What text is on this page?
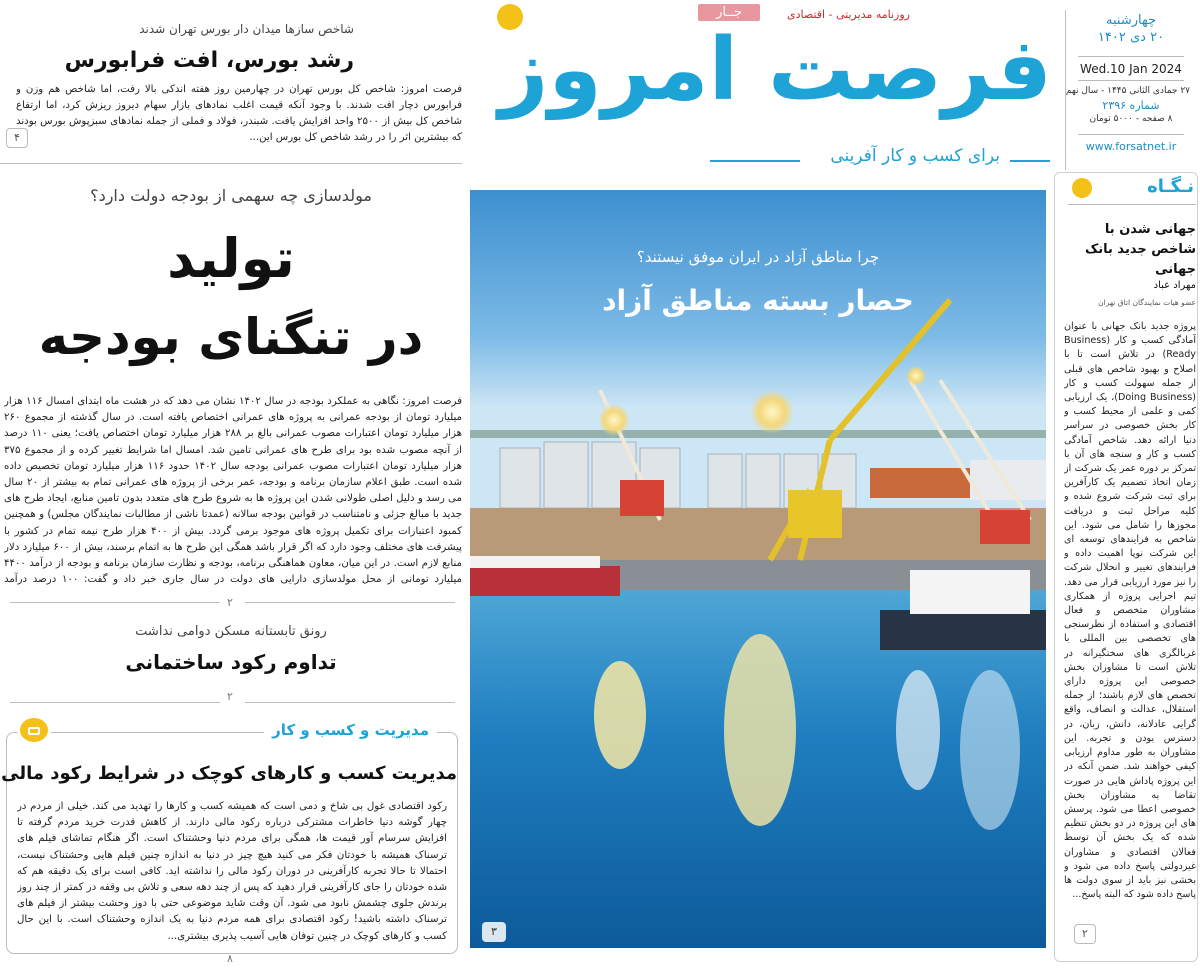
چهارشنبه
۲۰ دی ۱۴۰۲
Wed.10 Jan 2024
۲۷ جمادی الثانی ۱۴۴۵ - سال نهم
شماره ۲۳۹۶
۸ صفحه - ۵۰۰۰ تومان
www.forsatnet.ir
روزنامه مدیریتی - اقتصادی
جــار
فرصت امروز
برای کسب و کار آفرینی
شاخص سازها میدان دار بورس تهران شدند
رشد بورس، افت فرابورس
فرصت امروز: شاخص کل بورس تهران در چهارمین روز هفته اندکی بالا رفت، اما شاخص هم وزن و فرابورس دچار افت شدند. با وجود آنکه قیمت اغلب نمادهای بازار سهام دیروز ریزش کرد، اما ارتفاع شاخص کل بیش از ۲۵۰۰ واحد افزایش یافت. شبندر، فولاد و فملی از جمله نمادهای سبزپوش بورس بودند که بیشترین اثر را در رشد شاخص کل بورس این...
۴
مولدسازی چه سهمی از بودجه دولت دارد؟
تولید
در تنگنای بودجه
فرصت امروز: نگاهی به عملکرد بودجه در سال ۱۴۰۲ نشان می دهد که در هشت ماه ابتدای امسال ۱۱۶ هزار میلیارد تومان از بودجه عمرانی به پروژه های عمرانی اختصاص یافته است. در سال گذشته از مجموع ۲۶۰ هزار میلیارد تومان اعتبارات مصوب عمرانی بالغ بر ۲۸۸ هزار میلیارد تومان اختصاص یافت؛ یعنی ۱۱۰ درصد از آنچه مصوب شده بود برای طرح های عمرانی تامین شد. امسال اما شرایط تغییر کرده و از مجموع ۳۷۵ هزار میلیارد تومان اعتبارات مصوب عمرانی بودجه سال ۱۴۰۲ حدود ۱۱۶ هزار میلیارد تومان تخصیص داده شده است. طبق اعلام سازمان برنامه و بودجه، عمر برخی از پروژه های عمرانی تمام به بیشتر از ۲۰ سال می رسد و دلیل اصلی طولانی شدن این پروژه ها به شروع طرح های متعدد بدون تامین منابع، ایجاد طرح های جدید با مبالغ جزئی و نامتناسب در قوانین بودجه سالانه (عمدتا ناشی از مطالبات نمایندگان مجلس) و همچنین کمبود اعتبارات برای تکمیل پروژه های موجود برمی گردد. بیش از ۴۰۰ هزار طرح نیمه تمام در کشور با پیشرفت های مختلف وجود دارد که اگر قرار باشد همگی این طرح ها به اتمام برسند، بیش از ۶۰۰ میلیارد دلار منابع لازم است. در این میان، معاون هماهنگی برنامه، بودجه و نظارت سازمان برنامه و بودجه از درآمد ۴۴۰۰ میلیارد تومانی از محل مولدسازی دارایی های دولت در سال جاری خبر داد و گفت: ۱۰۰ درصد درآمد
۲
رونق تابستانه مسکن دوامی نداشت
تداوم رکود ساختمانی
۲
مدیریت و کسب و کار
مدیریت کسب و کارهای کوچک در شرایط رکود مالی
رکود اقتصادی غول بی شاخ و دمی است که همیشه کسب و کارها را تهدید می کند. خیلی از مردم در چهار گوشه دنیا خاطرات مشترکی درباره رکود مالی دارند. از کاهش قدرت خرید مردم گرفته تا افزایش سرسام آور قیمت ها، همگی برای مردم دنیا وحشتناک است. اگر هنگام تماشای فیلم های ترسناک همیشه با خودتان فکر می کنید هیچ چیز در دنیا به اندازه چنین فیلم هایی وحشتناک نیست، احتمالا تا حالا تجربه کارآفرینی در دوران رکود مالی را نداشته اید. کافی است برای یک دقیقه هم که شده خودتان را جای کارآفرینی قرار دهید که پس از چند دهه سعی و تلاش بی وقفه در کمتر از چند روز برندش جلوی چشمش نابود می شود. آن وقت شاید موضوعی حتی با دوز وحشت بیشتر از فیلم های ترسناک داشته باشید! رکود اقتصادی برای همه مردم دنیا به یک اندازه وحشتناک است. با این حال کسب و کارهای کوچک در چنین توفان هایی آسیب پذیری بیشتری...
۸
چرا مناطق آزاد در ایران موفق نیستند؟
حصار بسته مناطق آزاد
۳
نـگـاه
جهانی شدن با شاخص جدید بانک جهانی
مهراد عباد
عضو هیات نمایندگان اتاق تهران
پروژه جدید بانک جهانی با عنوان آمادگی کسب و کار (Business Ready) در تلاش است تا با اصلاح و بهبود شاخص های قبلی از جمله سهولت کسب و کار (Doing Business)، یک ارزیابی کمی و علمی از محیط کسب و کار بخش خصوصی در سراسر دنیا ارائه دهد. شاخص آمادگی کسب و کار و سنجه های آن با تمرکز بر دوره عمر یک شرکت از زمان اتخاذ تصمیم یک کارآفرین برای ثبت شرکت شروع شده و کلیه مراحل ثبت و دریافت مجوزها را شامل می شود. این شاخص به فرایندهای توسعه ای این شرکت نوپا اهمیت داده و فرایندهای تغییر و انحلال شرکت را نیز مورد ارزیابی قرار می دهد. تیم اجرایی پروژه از همکاری مشاوران متخصص و فعال اقتصادی و استفاده از نظرسنجی های تخصصی بین المللی با غربالگری های سختگیرانه در تلاش است تا مشاوران بخش خصوصی این پروژه دارای تخصص های لازم باشند؛ از جمله استقلال، عدالت و انصاف، واقع گرایی عادلانه، دانش، زبان، در دسترس بودن و تجربه. این مشاوران به طور مداوم ارزیابی کیفی خواهند شد. ضمن آنکه در این پروژه پاداش هایی در صورت تقاضا به مشاوران بخش خصوصی اعطا می شود. پرسش های این پروژه در دو بخش تنظیم شده که یک بخش آن توسط فعالان اقتصادی و مشاوران غیردولتی پاسخ داده می شود و بخشی نیز باید از سوی دولت ها پاسخ داده شود که البته پاسخ...
۲
